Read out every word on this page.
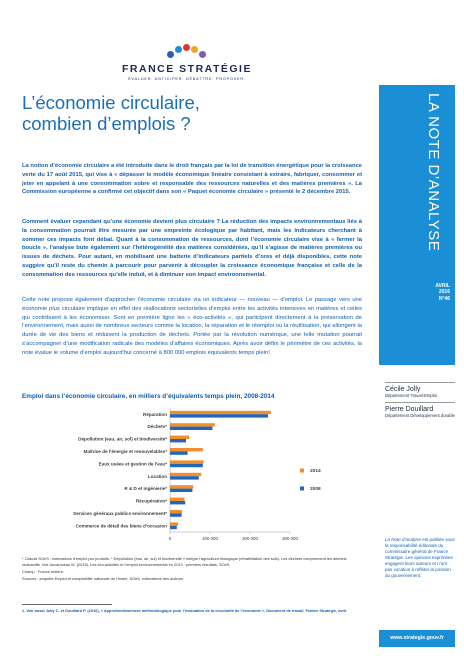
FRANCE STRATÉGIE
ÉVALUER. ANTICIPER. DÉBATTRE. PROPOSER.
L’économie circulaire,
combien d’emplois ?

La notion d’économie circulaire a été introduite dans le droit français par la loi de transition énergétique pour la croissance verte du 17 août 2015, qui vise à « dépasser le modèle économique linéaire consistant à extraire, fabriquer, consommer et jeter en appelant à une consommation sobre et responsable des ressources naturelles et des matières premières ». La Commission européenne a confirmé cet objectif dans son « Paquet économie circulaire » présenté le 2 décembre 2015.

Comment évaluer cependant qu’une économie devient plus circulaire ? La réduction des impacts environnementaux liés à la consommation pourrait être mesurée par une empreinte écologique par habitant, mais les indicateurs cherchant à sommer ces impacts font débat. Quant à la consommation de ressources, dont l’économie circulaire vise à « fermer la boucle », l’analyse bute également sur l’hétérogénéité des matières considérées, qu’il s’agisse de matières premières ou issues de déchets. Pour autant, en mobilisant une batterie d’indicateurs partiels d’ores et déjà disponibles, cette note suggère qu’il reste du chemin à parcourir pour parvenir à découpler la croissance économique française et celle de la consommation des ressources qu’elle induit, et à diminuer son impact environnemental.

Cette note propose également d’approcher l’économie circulaire via un indicateur — nouveau — d’emploi. Le passage vers une économie plus circulaire implique en effet des réallocations sectorielles d’emploi entre les activités intensives en matières et celles qui contribuent à les économiser. Sont en première ligne les « éco-activités », qui participent directement à la préservation de l’environnement, mais aussi de nombreux secteurs comme la location, la réparation et le réemploi ou la réutilisation, qui allongent la durée de vie des biens et réduisent la production de déchets. Portée par la révolution numérique, une telle mutation pourrait s’accompagner d’une modification radicale des modèles d’affaires économiques. Après avoir défini le périmètre de ces activités, la note évalue le volume d’emploi aujourd’hui concerné à 800 000 emplois équivalents temps plein¹.

Emploi dans l’économie circulaire, en milliers d’équivalents temps plein, 2008-2014
Réparation
Déchets*
Dépollution (eau, air, sol) et biodiversité*
Maîtrise de l’énergie et renouvelables*
Eaux usées et gestion de l’eau*
Location
R & D et ingénierie*
Récupération*
Services généraux publics environnement*
Commerce de détail des biens d’occasion
0	100 000	200 000	300 000
2014
2008
* Calculs SOeS : estimations d’emploi par produits. * Dépollution (eau, air, sol) et biodiversité » intègre l’agriculture biologique (réhabilitation des sols). Les déchets comprennent les déchets radioactifs. Voir Aucamueau M. (2015), Les éco-activités et l’emploi environnemental en 2013 : premiers résultats, SOeS.
Champ : France entière.
Sources : enquête Emploi et comptabilité nationale de l’Insee, SOeS, estimations des auteurs
1. Voir aussi Jolly C. et Douillard P. (2016), « Approfondissement méthodologique pour l’évaluation de la circularité de l’économie », Document de travail, France Stratégie, avril.
LA NOTE D’ANALYSE
AVRIL
2016
N°46
Cécile Jolly
Département Travail-Emploi
Pierre Douillard
Département Développement durable
La Note d’analyse est publiée sous la responsabilité éditoriale du commissaire général de France Stratégie. Les opinions exprimées engagent leurs auteurs et n’ont pas vocation à refléter la position du gouvernement.
www.strategie.gouv.fr
